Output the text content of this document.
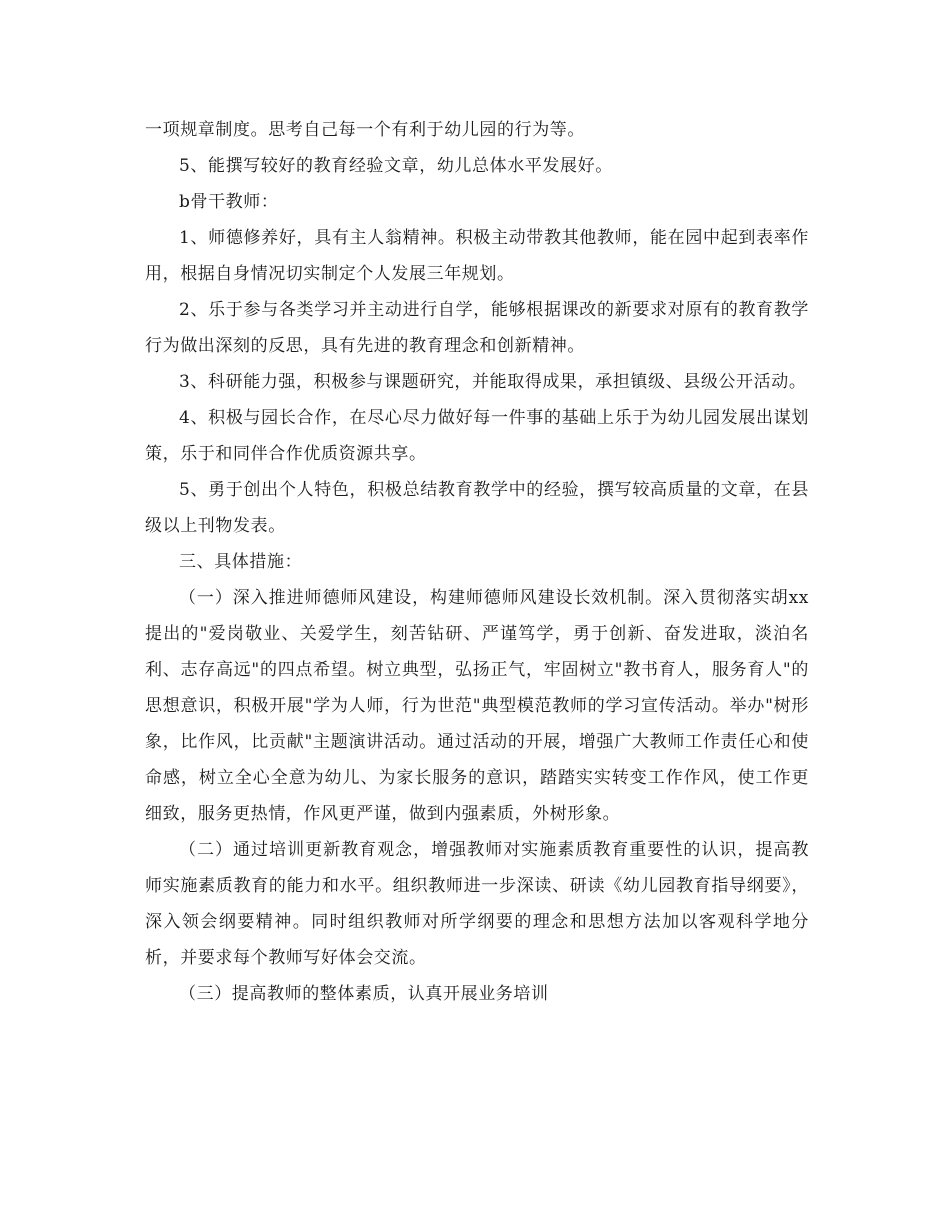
一项规章制度。思考自己每一个有利于幼儿园的行为等。

5、能撰写较好的教育经验文章，幼儿总体水平发展好。

b骨干教师：

1、师德修养好，具有主人翁精神。积极主动带教其他教师，能在园中起到表率作用，根据自身情况切实制定个人发展三年规划。

2、乐于参与各类学习并主动进行自学，能够根据课改的新要求对原有的教育教学行为做出深刻的反思，具有先进的教育理念和创新精神。

3、科研能力强，积极参与课题研究，并能取得成果，承担镇级、县级公开活动。

4、积极与园长合作，在尽心尽力做好每一件事的基础上乐于为幼儿园发展出谋划策，乐于和同伴合作优质资源共享。

5、勇于创出个人特色，积极总结教育教学中的经验，撰写较高质量的文章，在县级以上刊物发表。

三、具体措施：

（一）深入推进师德师风建设，构建师德师风建设长效机制。深入贯彻落实胡xx提出的"爱岗敬业、关爱学生，刻苦钻研、严谨笃学，勇于创新、奋发进取，淡泊名利、志存高远"的四点希望。树立典型，弘扬正气，牢固树立"教书育人，服务育人"的思想意识，积极开展"学为人师，行为世范"典型模范教师的学习宣传活动。举办"树形象，比作风，比贡献"主题演讲活动。通过活动的开展，增强广大教师工作责任心和使命感，树立全心全意为幼儿、为家长服务的意识，踏踏实实转变工作作风，使工作更细致，服务更热情，作风更严谨，做到内强素质，外树形象。

（二）通过培训更新教育观念，增强教师对实施素质教育重要性的认识，提高教师实施素质教育的能力和水平。组织教师进一步深读、研读《幼儿园教育指导纲要》，深入领会纲要精神。同时组织教师对所学纲要的理念和思想方法加以客观科学地分析，并要求每个教师写好体会交流。

（三）提高教师的整体素质，认真开展业务培训
